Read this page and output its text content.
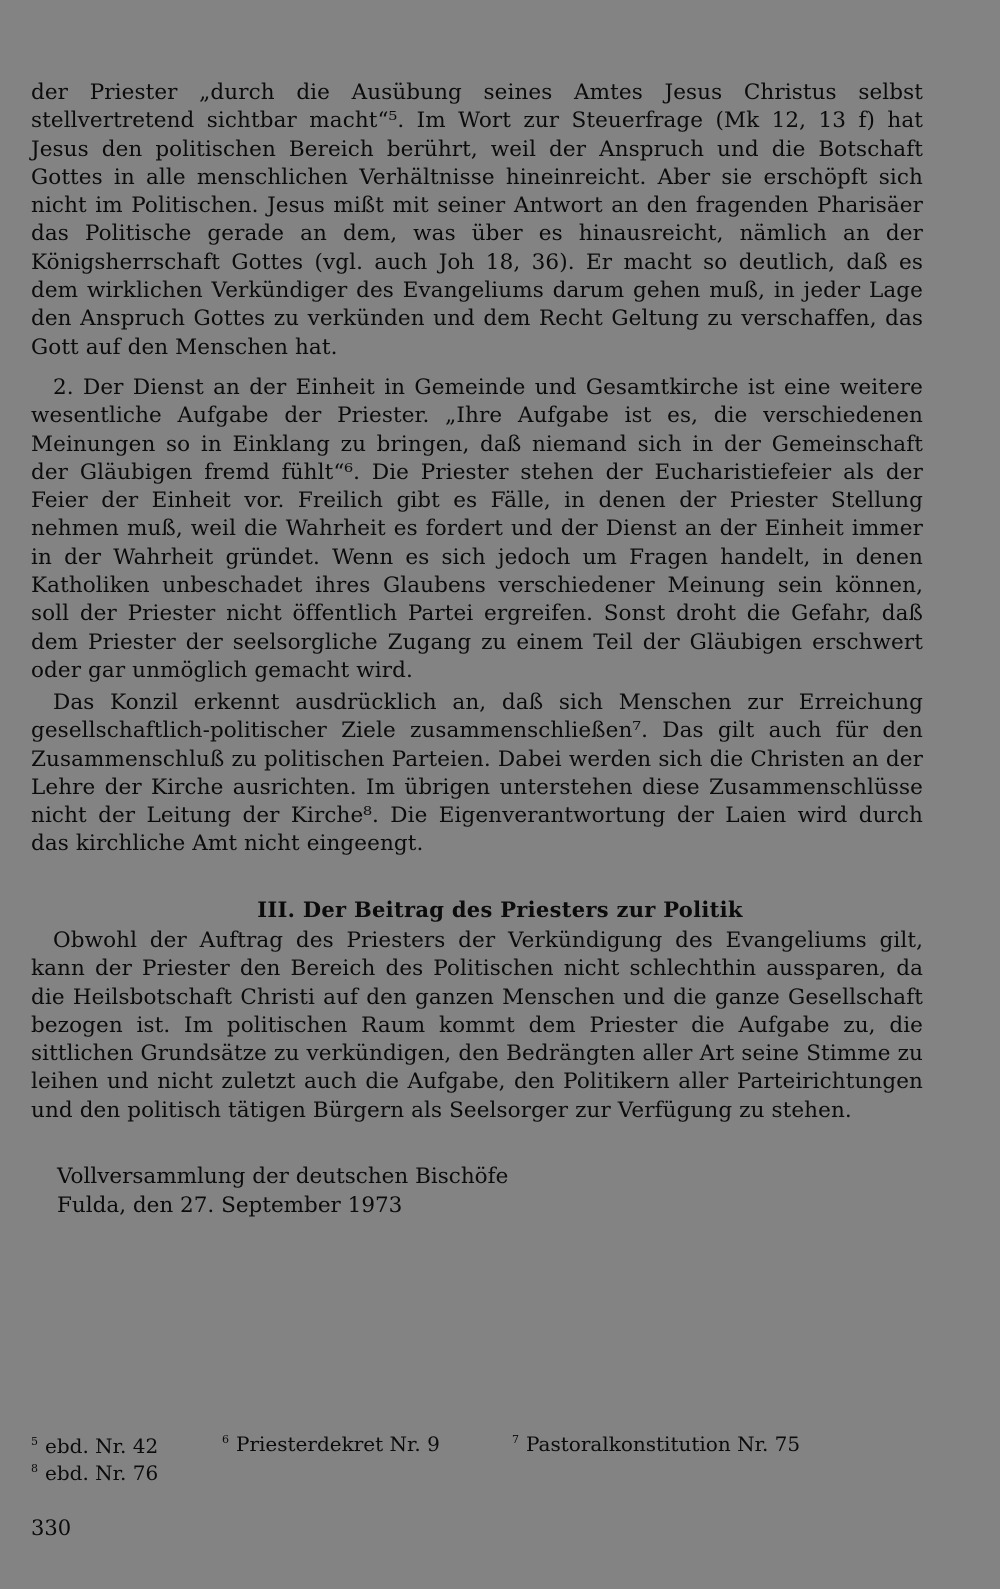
der Priester „durch die Ausübung seines Amtes Jesus Christus selbst stellvertretend sichtbar macht“⁵. Im Wort zur Steuerfrage (Mk 12, 13 f) hat Jesus den politischen Bereich berührt, weil der Anspruch und die Botschaft Gottes in alle menschlichen Verhältnisse hineinreicht. Aber sie erschöpft sich nicht im Politischen. Jesus mißt mit seiner Antwort an den fragenden Pharisäer das Politische gerade an dem, was über es hinausreicht, nämlich an der Königsherrschaft Gottes (vgl. auch Joh 18, 36). Er macht so deutlich, daß es dem wirklichen Verkündiger des Evangeliums darum gehen muß, in jeder Lage den Anspruch Gottes zu verkünden und dem Recht Geltung zu verschaffen, das Gott auf den Menschen hat.

2. Der Dienst an der Einheit in Gemeinde und Gesamtkirche ist eine weitere wesentliche Aufgabe der Priester. „Ihre Aufgabe ist es, die verschiedenen Meinungen so in Einklang zu bringen, daß niemand sich in der Gemeinschaft der Gläubigen fremd fühlt“⁶. Die Priester stehen der Eucharistiefeier als der Feier der Einheit vor. Freilich gibt es Fälle, in denen der Priester Stellung nehmen muß, weil die Wahrheit es fordert und der Dienst an der Einheit immer in der Wahrheit gründet. Wenn es sich jedoch um Fragen handelt, in denen Katholiken unbeschadet ihres Glaubens verschiedener Meinung sein können, soll der Priester nicht öffentlich Partei ergreifen. Sonst droht die Gefahr, daß dem Priester der seelsorgliche Zugang zu einem Teil der Gläubigen erschwert oder gar unmöglich gemacht wird.

Das Konzil erkennt ausdrücklich an, daß sich Menschen zur Erreichung gesellschaftlich-politischer Ziele zusammenschließen⁷. Das gilt auch für den Zusammenschluß zu politischen Parteien. Dabei werden sich die Christen an der Lehre der Kirche ausrichten. Im übrigen unterstehen diese Zusammenschlüsse nicht der Leitung der Kirche⁸. Die Eigenverantwortung der Laien wird durch das kirchliche Amt nicht eingeengt.

III. Der Beitrag des Priesters zur Politik

Obwohl der Auftrag des Priesters der Verkündigung des Evangeliums gilt, kann der Priester den Bereich des Politischen nicht schlechthin aussparen, da die Heilsbotschaft Christi auf den ganzen Menschen und die ganze Gesellschaft bezogen ist. Im politischen Raum kommt dem Priester die Aufgabe zu, die sittlichen Grundsätze zu verkündigen, den Bedrängten aller Art seine Stimme zu leihen und nicht zuletzt auch die Aufgabe, den Politikern aller Parteirichtungen und den politisch tätigen Bürgern als Seelsorger zur Verfügung zu stehen.

Vollversammlung der deutschen Bischöfe
Fulda, den 27. September 1973
$^5$ ebd. Nr. 42	$^6$ Priesterdekret Nr. 9	$^7$ Pastoralkonstitution Nr. 75
$^8$ ebd. Nr. 76
330
